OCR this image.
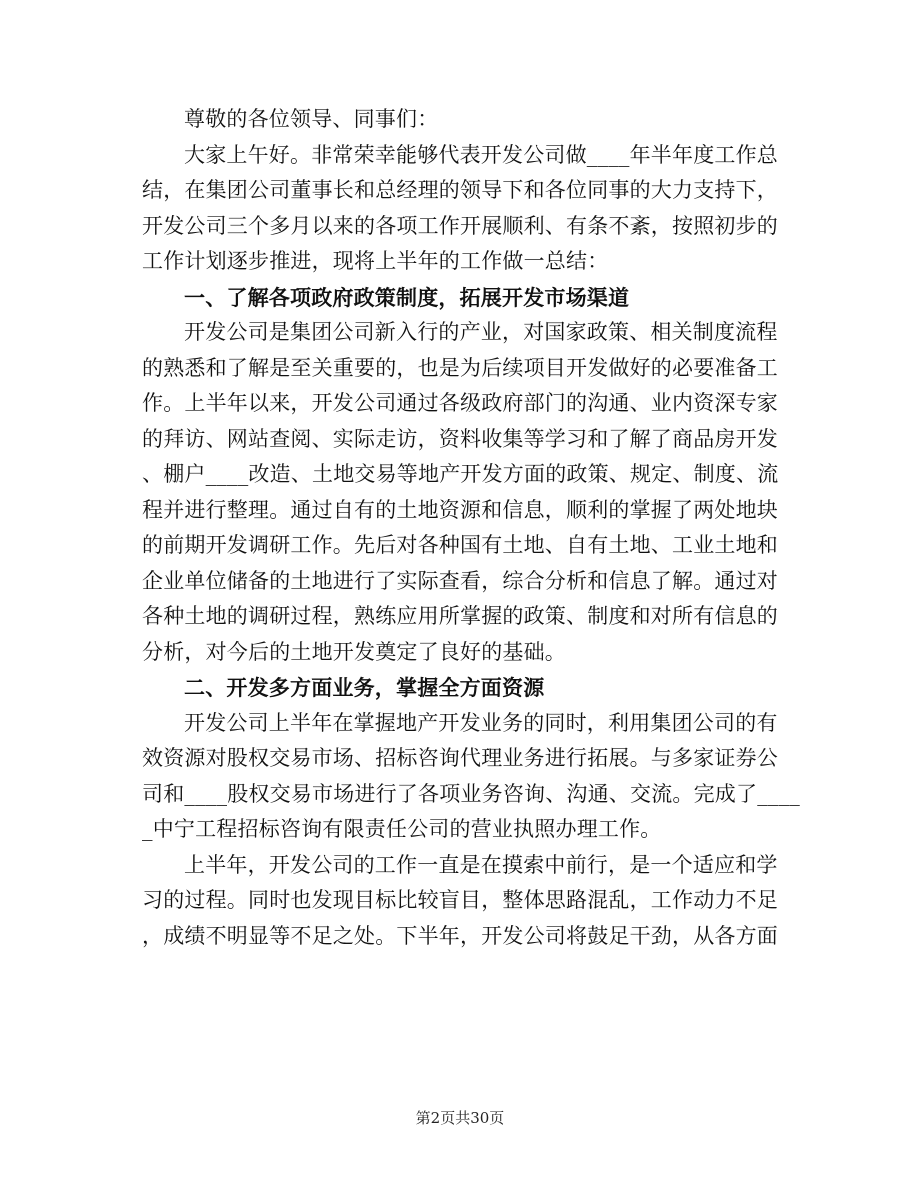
尊敬的各位领导、同事们：
大家上午好。非常荣幸能够代表开发公司做____年半年度工作总
结，在集团公司董事长和总经理的领导下和各位同事的大力支持下，
开发公司三个多月以来的各项工作开展顺利、有条不紊，按照初步的
工作计划逐步推进，现将上半年的工作做一总结：
一、了解各项政府政策制度，拓展开发市场渠道
开发公司是集团公司新入行的产业，对国家政策、相关制度流程
的熟悉和了解是至关重要的，也是为后续项目开发做好的必要准备工
作。上半年以来，开发公司通过各级政府部门的沟通、业内资深专家
的拜访、网站查阅、实际走访，资料收集等学习和了解了商品房开发
、棚户____改造、土地交易等地产开发方面的政策、规定、制度、流
程并进行整理。通过自有的土地资源和信息，顺利的掌握了两处地块
的前期开发调研工作。先后对各种国有土地、自有土地、工业土地和
企业单位储备的土地进行了实际查看，综合分析和信息了解。通过对
各种土地的调研过程，熟练应用所掌握的政策、制度和对所有信息的
分析，对今后的土地开发奠定了良好的基础。
二、开发多方面业务，掌握全方面资源
开发公司上半年在掌握地产开发业务的同时，利用集团公司的有
效资源对股权交易市场、招标咨询代理业务进行拓展。与多家证券公
司和____股权交易市场进行了各项业务咨询、沟通、交流。完成了____
_中宁工程招标咨询有限责任公司的营业执照办理工作。
上半年，开发公司的工作一直是在摸索中前行，是一个适应和学
习的过程。同时也发现目标比较盲目，整体思路混乱，工作动力不足
，成绩不明显等不足之处。下半年，开发公司将鼓足干劲，从各方面
第2页共30页
